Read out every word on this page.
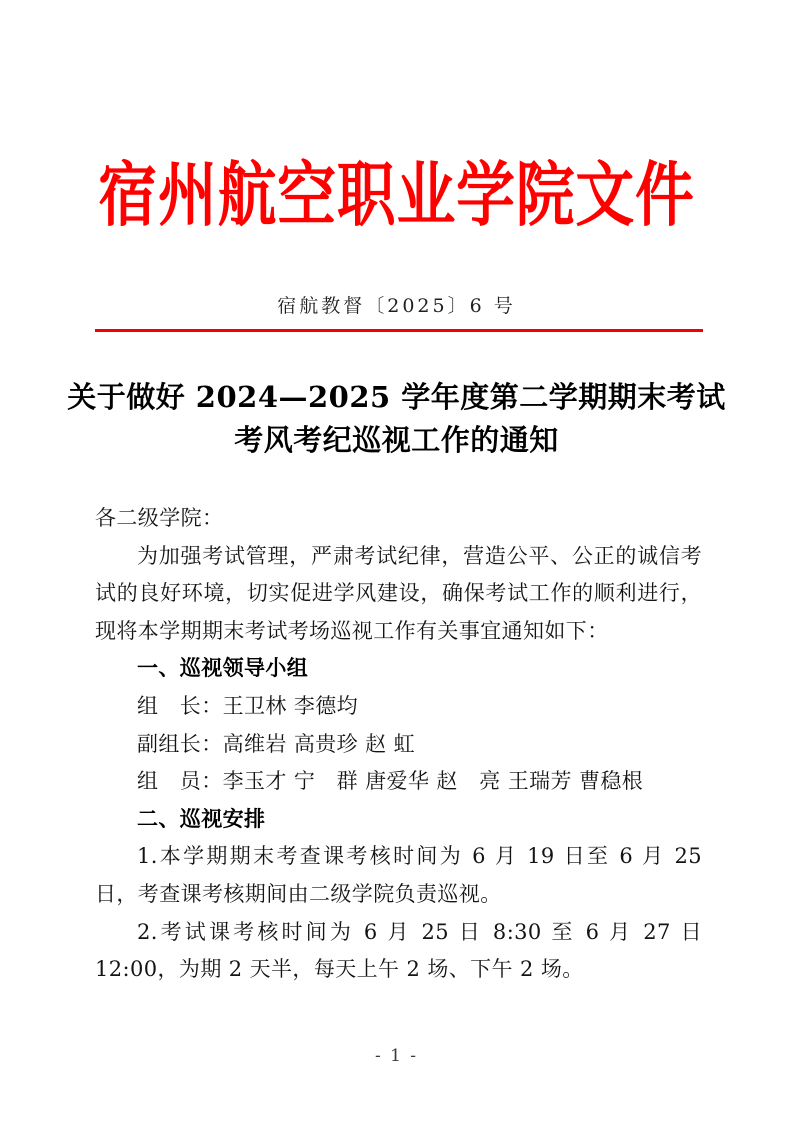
宿州航空职业学院文件
宿航教督〔2025〕6 号
关于做好 2024—2025 学年度第二学期期末考试
考风考纪巡视工作的通知

各二级学院：

为加强考试管理，严肃考试纪律，营造公平、公正的诚信考试的良好环境，切实促进学风建设，确保考试工作的顺利进行，现将本学期期末考试考场巡视工作有关事宜通知如下：

一、巡视领导小组

组　长：王卫林 李德均

副组长：高维岩 高贵珍 赵 虹

组　员：李玉才 宁　群 唐爱华 赵　亮 王瑞芳 曹稳根

二、巡视安排

1.本学期期末考查课考核时间为 6 月 19 日至 6 月 25 日，考查课考核期间由二级学院负责巡视。

2.考试课考核时间为 6 月 25 日 8:30 至 6 月 27 日 12:00，为期 2 天半，每天上午 2 场、下午 2 场。

- 1 -
